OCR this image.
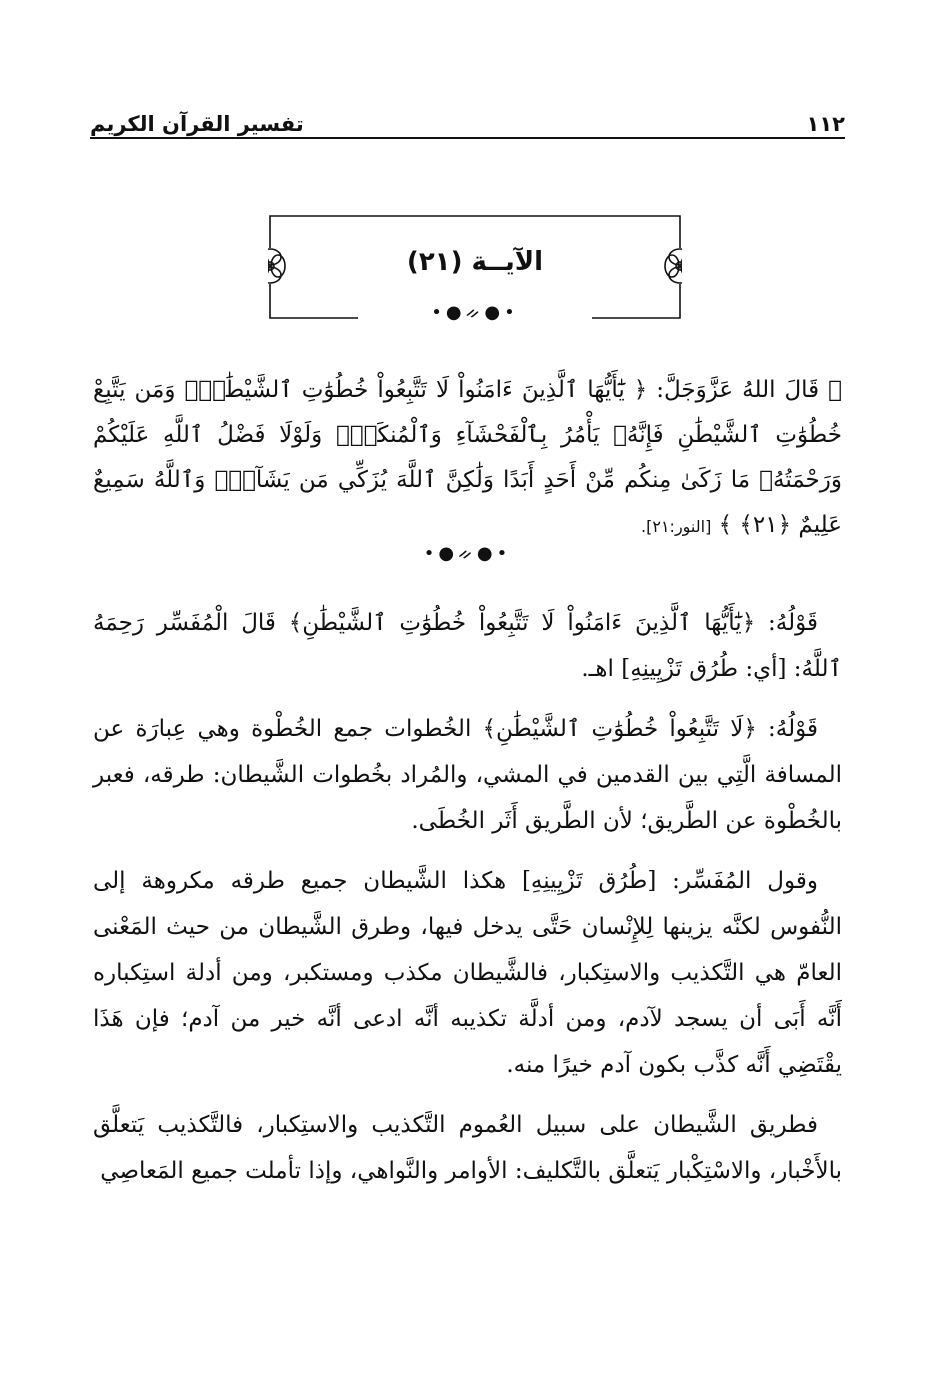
١١٢
تفسير القرآن الكريم
الآيــة (٢١)
•●ᨀ●•
ﷺ قَالَ اللهُ عَزَّوَجَلَّ: ﴿ يَٰٓأَيُّهَا ٱلَّذِينَ ءَامَنُواْ لَا تَتَّبِعُواْ خُطُوَٰتِ ٱلشَّيْطَٰنِۚ وَمَن يَتَّبِعْ خُطُوَٰتِ ٱلشَّيْطَٰنِ فَإِنَّهُۥ يَأْمُرُ بِٱلْفَحْشَآءِ وَٱلْمُنكَرِۚ وَلَوْلَا فَضْلُ ٱللَّهِ عَلَيْكُمْ وَرَحْمَتُهُۥ مَا زَكَىٰ مِنكُم مِّنْ أَحَدٍ أَبَدًا وَلَٰكِنَّ ٱللَّهَ يُزَكِّي مَن يَشَآءُۗ وَٱللَّهُ سَمِيعٌ عَلِيمٌ ﴿٢١﴾ ﴾ [النور:٢١].
•●ᨀ●•

قَوْلُهُ: ﴿يَٰٓأَيُّهَا ٱلَّذِينَ ءَامَنُواْ لَا تَتَّبِعُواْ خُطُوَٰتِ ٱلشَّيْطَٰنِ﴾ قَالَ الْمُفَسِّر رَحِمَهُ ٱللَّهُ: [أي: طُرُق تَزْيِينِهِ] اهـ.

قَوْلُهُ: ﴿لَا تَتَّبِعُواْ خُطُوَٰتِ ٱلشَّيْطَٰنِ﴾ الخُطوات جمع الخُطْوة وهي عِبارَة عن المسافة الَّتِي بين القدمين في المشي، والمُراد بخُطوات الشَّيطان: طرقه، فعبر بالخُطْوة عن الطَّريق؛ لأن الطَّريق أَثَر الخُطَى.

وقول المُفَسِّر: [طُرُق تَزْيِينِهِ] هكذا الشَّيطان جميع طرقه مكروهة إلى النُّفوس لكنَّه يزينها لِلإِنْسان حَتَّى يدخل فيها، وطرق الشَّيطان من حيث المَعْنى العامّ هي التَّكذيب والاستِكبار، فالشَّيطان مكذب ومستكبر، ومن أدلة استِكباره أَنَّه أَبَى أن يسجد لآدم، ومن أدلَّة تكذيبه أنَّه ادعى أنَّه خير من آدم؛ فإن هَذَا يقْتَضِي أَنَّه كذَّب بكون آدم خيرًا منه.

فطريق الشَّيطان على سبيل العُموم التَّكذيب والاستِكبار، فالتَّكذيب يَتعلَّق بالأَخْبار، والاسْتِكْبار يَتعلَّق بالتَّكليف: الأوامر والنَّواهي، وإذا تأملت جميع المَعاصِي
